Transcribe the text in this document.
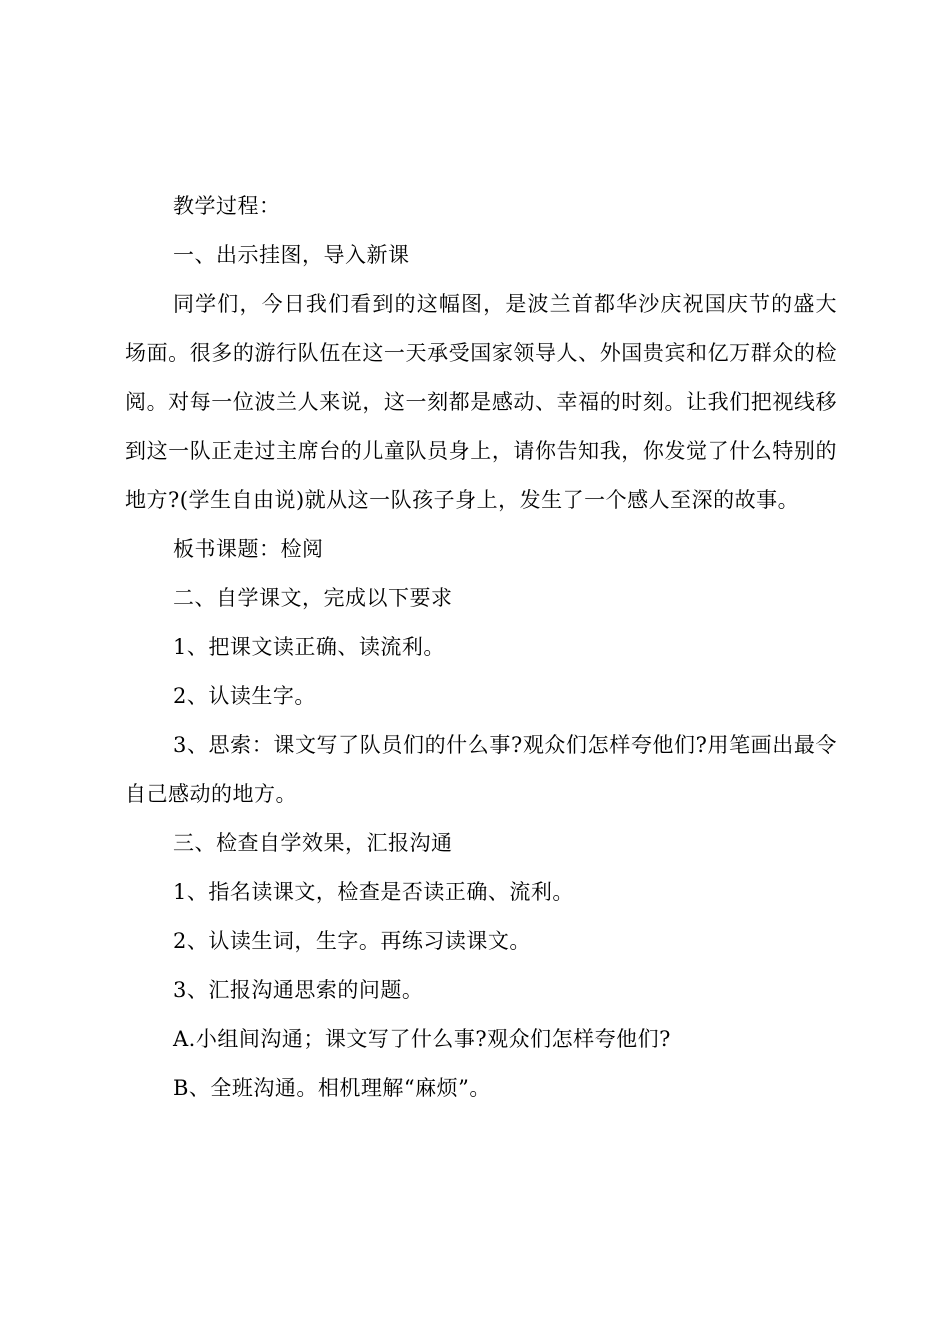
教学过程：

一、出示挂图，导入新课

同学们，今日我们看到的这幅图，是波兰首都华沙庆祝国庆节的盛大场面。很多的游行队伍在这一天承受国家领导人、外国贵宾和亿万群众的检阅。对每一位波兰人来说，这一刻都是感动、幸福的时刻。让我们把视线移到这一队正走过主席台的儿童队员身上，请你告知我，你发觉了什么特别的地方?(学生自由说)就从这一队孩子身上，发生了一个感人至深的故事。

板书课题：检阅

二、自学课文，完成以下要求

1、把课文读正确、读流利。

2、认读生字。

3、思索：课文写了队员们的什么事?观众们怎样夸他们?用笔画出最令自己感动的地方。

三、检查自学效果，汇报沟通

1、指名读课文，检查是否读正确、流利。

2、认读生词，生字。再练习读课文。

3、汇报沟通思索的问题。

A.小组间沟通；课文写了什么事?观众们怎样夸他们?

B、全班沟通。相机理解“麻烦”。
